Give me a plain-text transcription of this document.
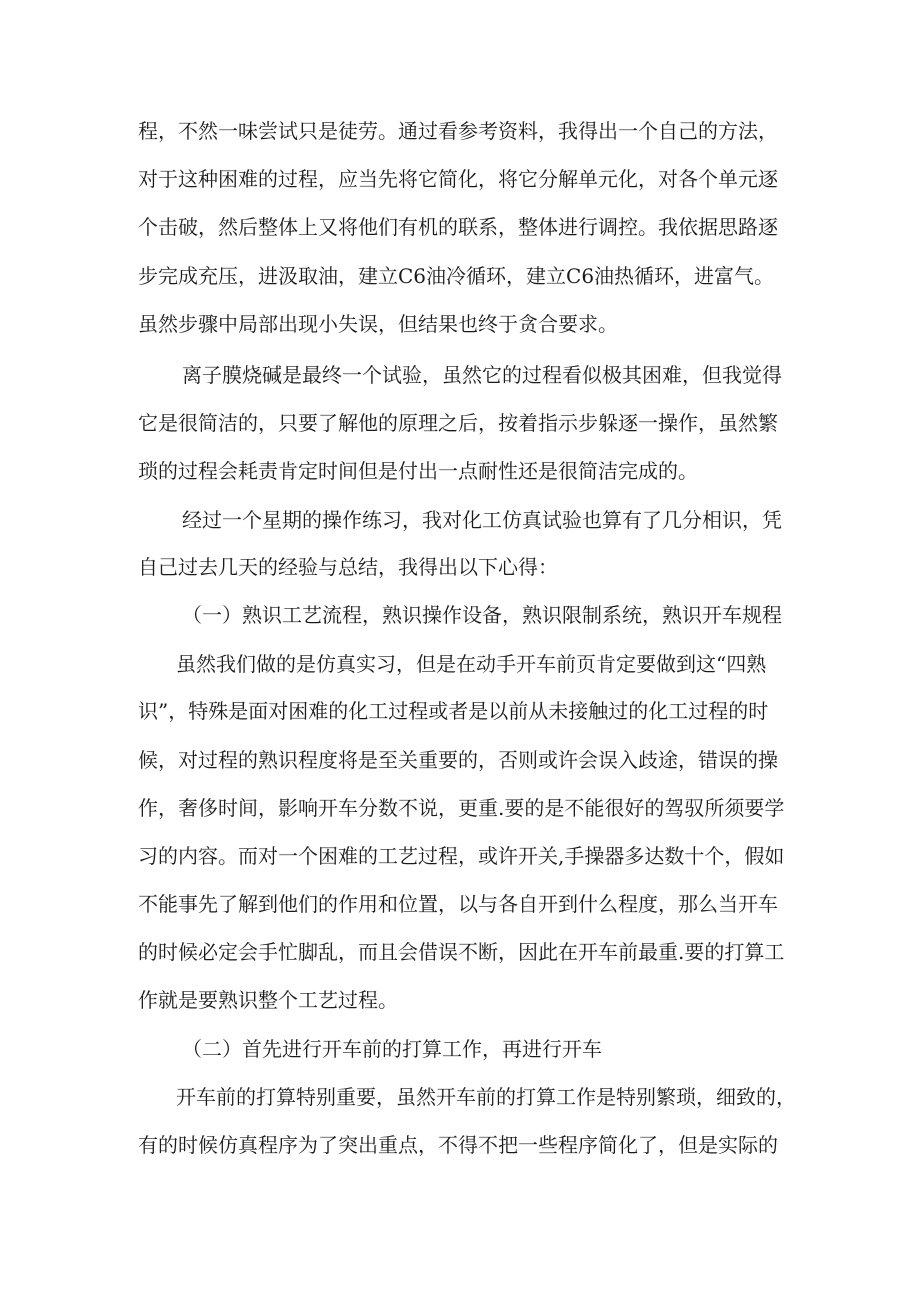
程，不然一味尝试只是徒劳。通过看参考资料，我得出一个自己的方法，
对于这种困难的过程，应当先将它简化，将它分解单元化，对各个单元逐
个击破，然后整体上又将他们有机的联系，整体进行调控。我依据思路逐
步完成充压，进汲取油，建立C6油冷循环，建立C6油热循环，进富气。
虽然步骤中局部出现小失误，但结果也终于贪合要求。
离子膜烧碱是最终一个试验，虽然它的过程看似极其困难，但我觉得
它是很简洁的，只要了解他的原理之后，按着指示步躲逐一操作，虽然繁
琐的过程会耗责肯定时间但是付出一点耐性还是很简洁完成的。
经过一个星期的操作练习，我对化工仿真试验也算有了几分相识，凭
自己过去几天的经验与总结，我得出以下心得：
（一）熟识工艺流程，熟识操作设备，熟识限制系统，熟识开车规程
虽然我们做的是仿真实习，但是在动手开车前页肯定要做到这“四熟
识”，特殊是面对困难的化工过程或者是以前从未接触过的化工过程的时
候，对过程的熟识程度将是至关重要的，否则或许会误入歧途，错误的操
作，奢侈时间，影响开车分数不说，更重.要的是不能很好的驾驭所须要学
习的内容。而对一个困难的工艺过程，或许开关,手操器多达数十个，假如
不能事先了解到他们的作用和位置，以与各自开到什么程度，那么当开车
的时候必定会手忙脚乱，而且会借误不断，因此在开车前最重.要的打算工
作就是要熟识整个工艺过程。
（二）首先进行开车前的打算工作，再进行开车
开车前的打算特别重要，虽然开车前的打算工作是特别繁琐，细致的，
有的时候仿真程序为了突出重点，不得不把一些程序简化了，但是实际的
